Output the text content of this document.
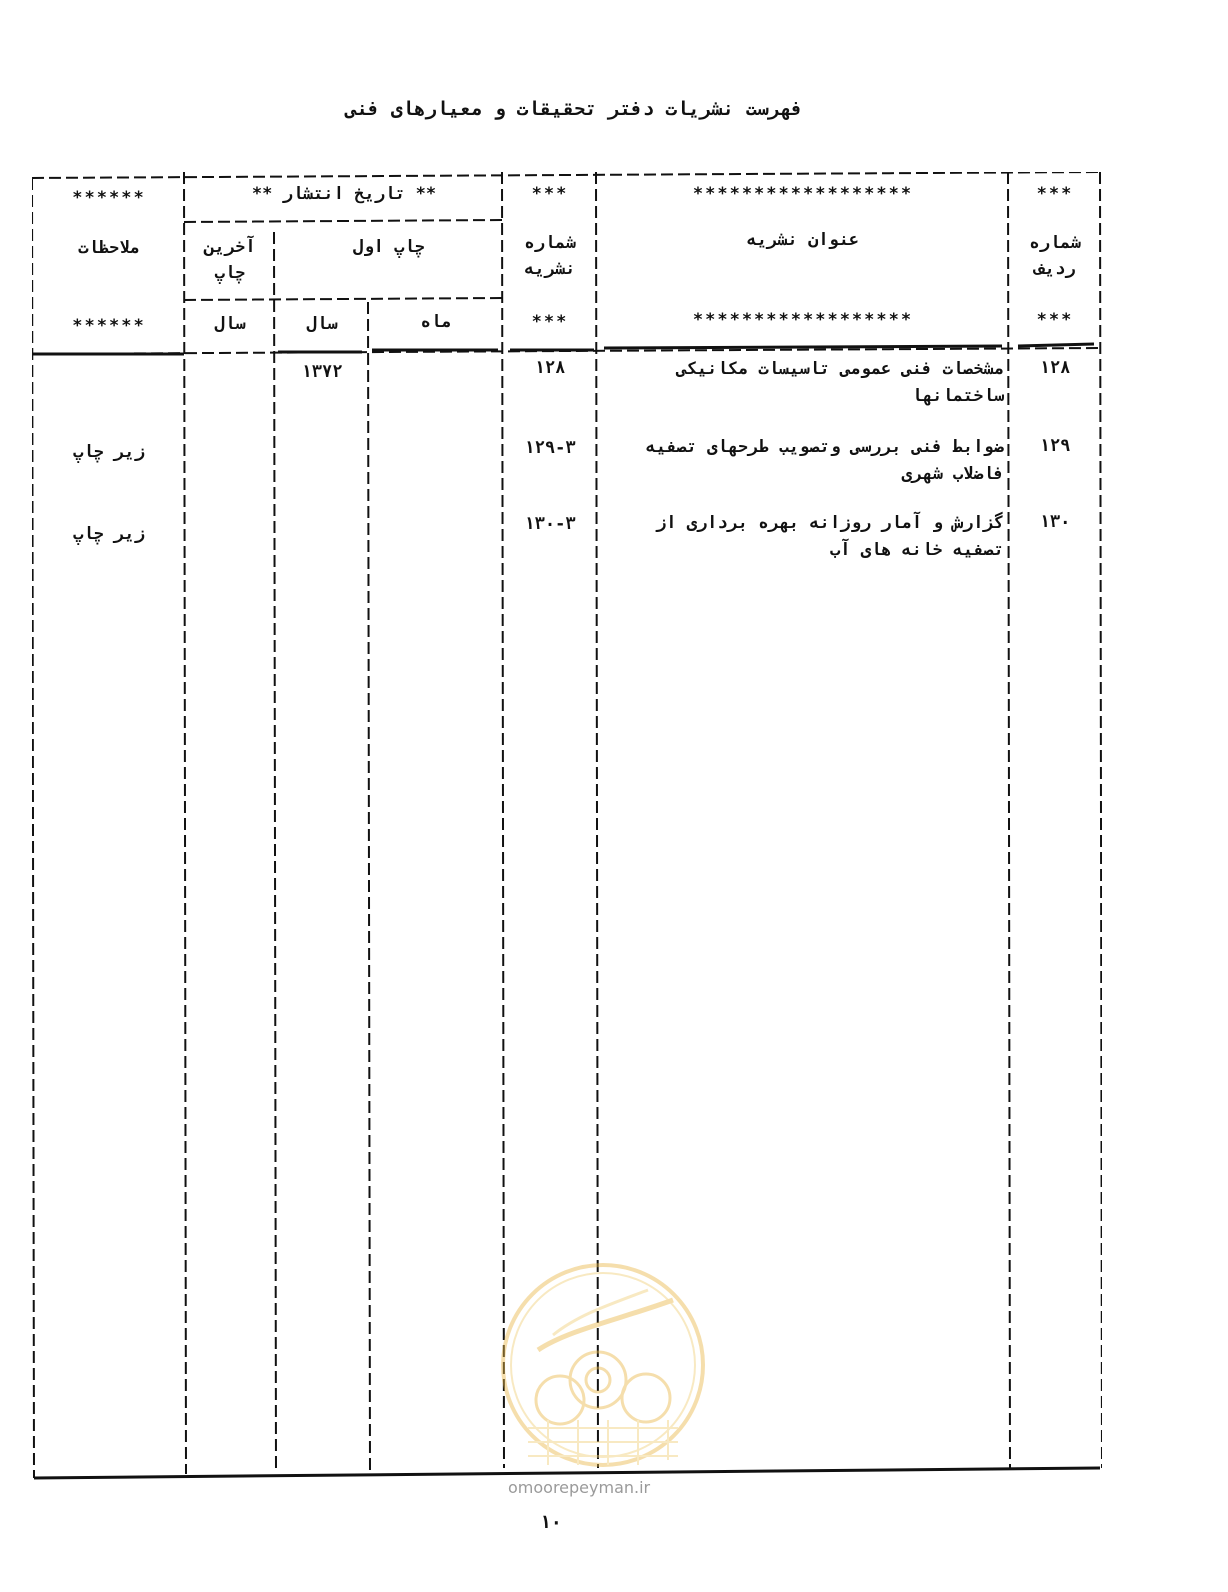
فهرست نشریات دفتر تحقیقات و معیارهای فنی
***
******************
***
** تاریخ انتشار **
******
شماره ردیف
عنوان نشریه
شماره نشریه
چاپ اول
آخرین چاپ
ملاحظات
***
******************
***
ماه
سال
سال
******
۱۲۸
مشخصات فنی عمومی تاسیسات مکانیکی ساختمانها
۱۲۸
۱۳۷۲
۱۲۹
ضوابط فنی بررسی وتصویب طرحهای تصفیه فاضلاب شهری
۱۲۹-۳
زیر چاپ
۱۳۰
گزارش و آمار روزانه بهره برداری از تصفیه خانه های آب
۱۳۰-۳
زیر چاپ
omoorepeyman.ir
۱۰
